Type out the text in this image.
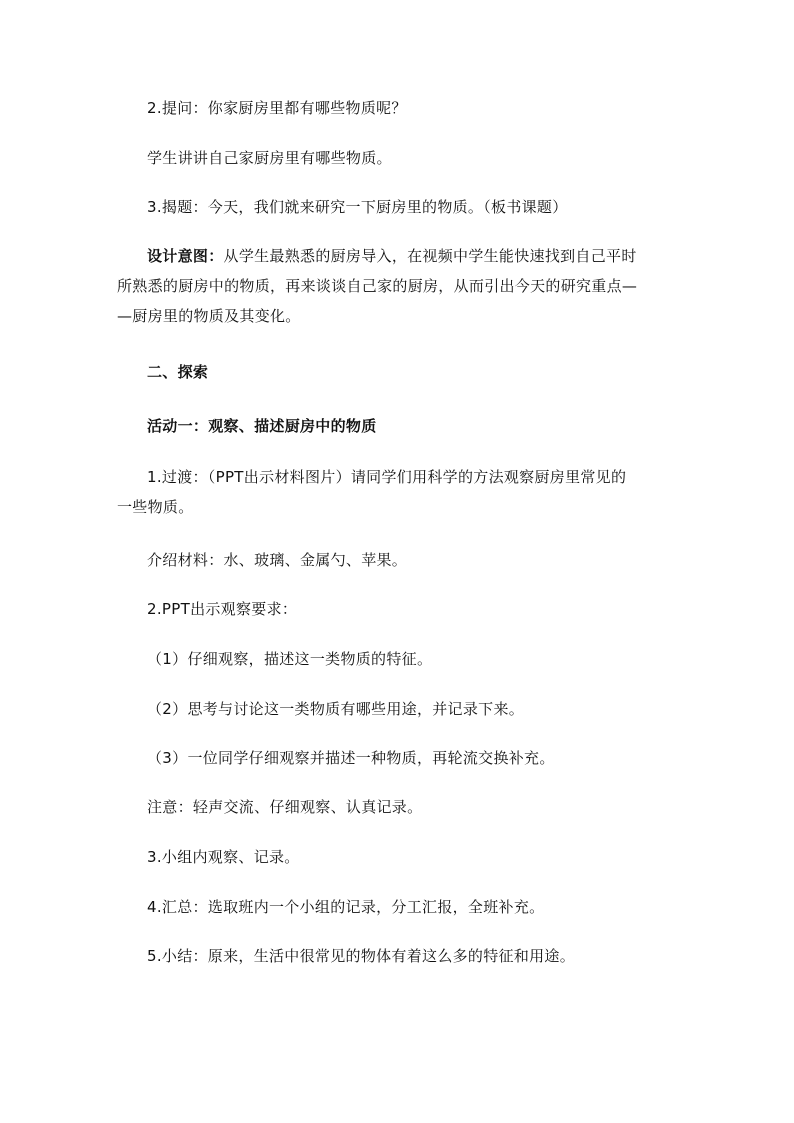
2.提问：你家厨房里都有哪些物质呢？

学生讲讲自己家厨房里有哪些物质。

3.揭题：今天，我们就来研究一下厨房里的物质。（板书课题）

设计意图：从学生最熟悉的厨房导入，在视频中学生能快速找到自己平时
所熟悉的厨房中的物质，再来谈谈自己家的厨房，从而引出今天的研究重点—
—厨房里的物质及其变化。

二、探索

活动一：观察、描述厨房中的物质

1.过渡：（PPT出示材料图片）请同学们用科学的方法观察厨房里常见的
一些物质。

介绍材料：水、玻璃、金属勺、苹果。

2.PPT出示观察要求：

（1）仔细观察，描述这一类物质的特征。

（2）思考与讨论这一类物质有哪些用途，并记录下来。

（3）一位同学仔细观察并描述一种物质，再轮流交换补充。

注意：轻声交流、仔细观察、认真记录。

3.小组内观察、记录。

4.汇总：选取班内一个小组的记录，分工汇报，全班补充。

5.小结：原来，生活中很常见的物体有着这么多的特征和用途。
